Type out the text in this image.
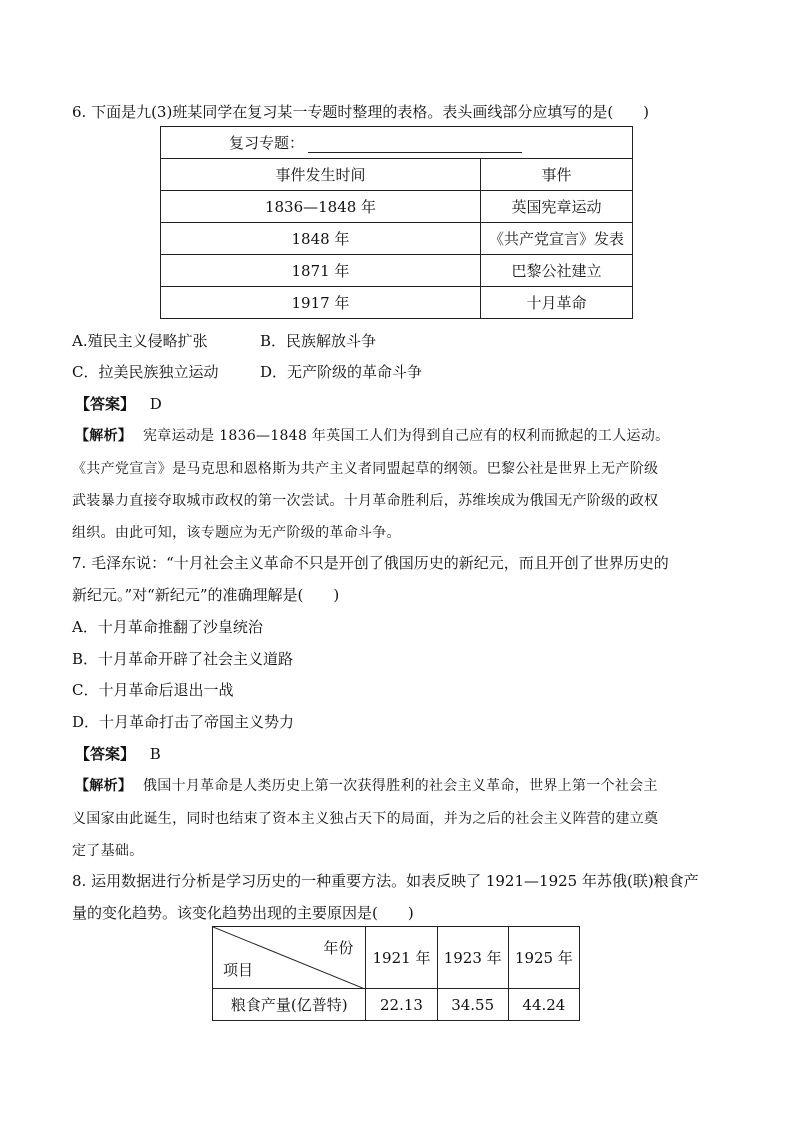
6. 下面是九(3)班某同学在复习某一专题时整理的表格。表头画线部分应填写的是(　　)
复习专题：	
事件发生时间	事件
1836—1848 年	英国宪章运动
1848 年	《共产党宣言》发表
1871 年	巴黎公社建立
1917 年	十月革命
A.殖民主义侵略扩张	B．民族解放斗争
C．拉美民族独立运动	D．无产阶级的革命斗争
【答案】 D
【解析】 宪章运动是 1836—1848 年英国工人们为得到自己应有的权利而掀起的工人运动。
《共产党宣言》是马克思和恩格斯为共产主义者同盟起草的纲领。巴黎公社是世界上无产阶级
武装暴力直接夺取城市政权的第一次尝试。十月革命胜利后，苏维埃成为俄国无产阶级的政权
组织。由此可知，该专题应为无产阶级的革命斗争。
7. 毛泽东说：“十月社会主义革命不只是开创了俄国历史的新纪元，而且开创了世界历史的
新纪元。”对“新纪元”的准确理解是(　　)
A．十月革命推翻了沙皇统治
B．十月革命开辟了社会主义道路
C．十月革命后退出一战
D．十月革命打击了帝国主义势力
【答案】 B
【解析】 俄国十月革命是人类历史上第一次获得胜利的社会主义革命，世界上第一个社会主
义国家由此诞生，同时也结束了资本主义独占天下的局面，并为之后的社会主义阵营的建立奠
定了基础。
8. 运用数据进行分析是学习历史的一种重要方法。如表反映了 1921—1925 年苏俄(联)粮食产
量的变化趋势。该变化趋势出现的主要原因是(　　)
年份
项目	1921 年	1923 年	1925 年
粮食产量(亿普特)	22.13	34.55	44.24
